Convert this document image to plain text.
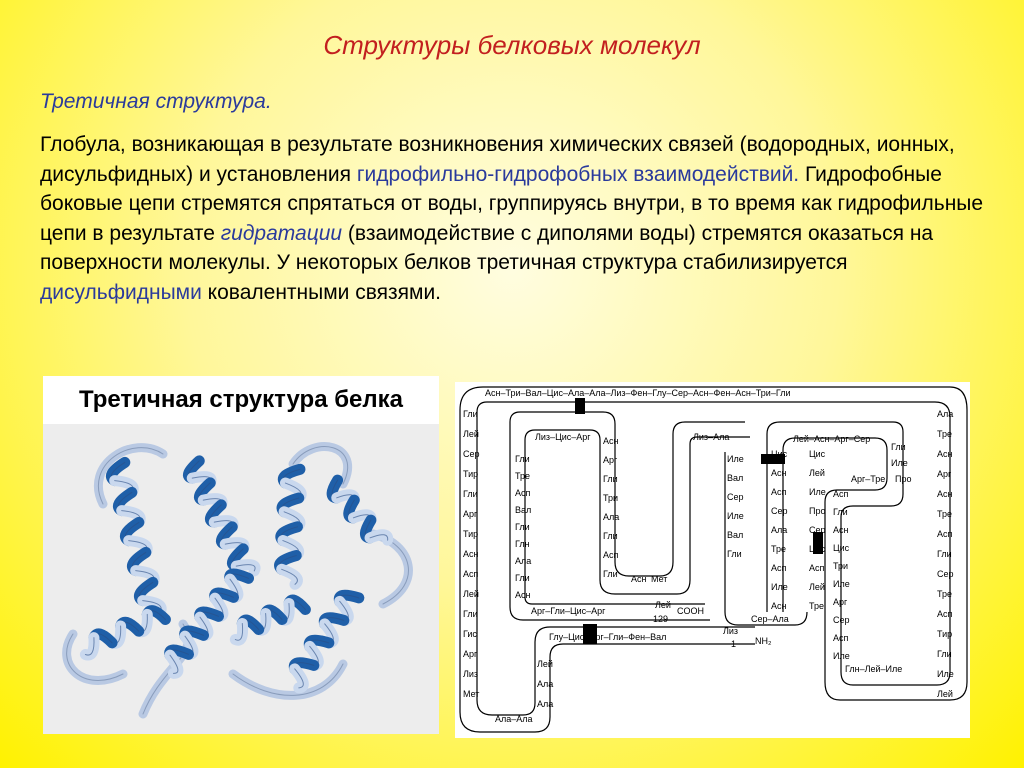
Структуры белковых молекул
Третичная структура.
Глобула, возникающая в результате возникновения химических связей (водородных, ионных, дисульфидных) и установления гидрофильно-гидрофобных взаимодействий. Гидрофобные боковые цепи стремятся спрятаться от воды, группируясь внутри, в то время как гидрофильные цепи в результате гидратации (взаимодействие с диполями воды) стремятся оказаться на поверхности молекулы. У некоторых белков третичная структура стабилизируется дисульфидными ковалентными связями.
Третичная структура белка	Асн–Три–Вал–Цис–Ала–Ала–Лиз–Фен–Глу–Сер–Асн–Фен–Асн–Три–Гли
Гли
Лей
Сер
Тир
Гли
Арг
Тир
Асн
Асп
Лей
Гли
Гис
Арг
Лиз
Мет
Ала–Ала
Лиз–Цис–Арг
Гли
Тре
Асп
Вал
Гли
Глн
Ала
Гли
Асн
Асн
Арг
Гли
Три
Ала
Гли
Асп
Гли Асн Мет
Арг–Гли–Цис–Арг
Лей
129
COOH
Лиз–Ала
Иле
Вал
Сер
Иле
Вал
Гли
Цис
Асн
Асп
Сер
Ала
Тре
Асп
Иле
Асн
Цис
Лей
Иле
Про
Сер
Цис
Асп
Лей
Тре
Сер–Ала
Лей–Асн–Арг–Сер
Гли
Иле
Про
Арг–Тре
Асп
Гли
Асн
Цис
Три
Иле
Арг
Сер
Асп
Иле
Глн–Лей–Иле
Ала
Тре
Асн
Арг
Асн
Тре
Асп
Гли
Сер
Тре
Асп
Тир
Гли
Иле
Лей
Глу–Цис–Арг–Гли–Фен–Вал
Лиз
1 NH₂
Лей
Ала
Ала
